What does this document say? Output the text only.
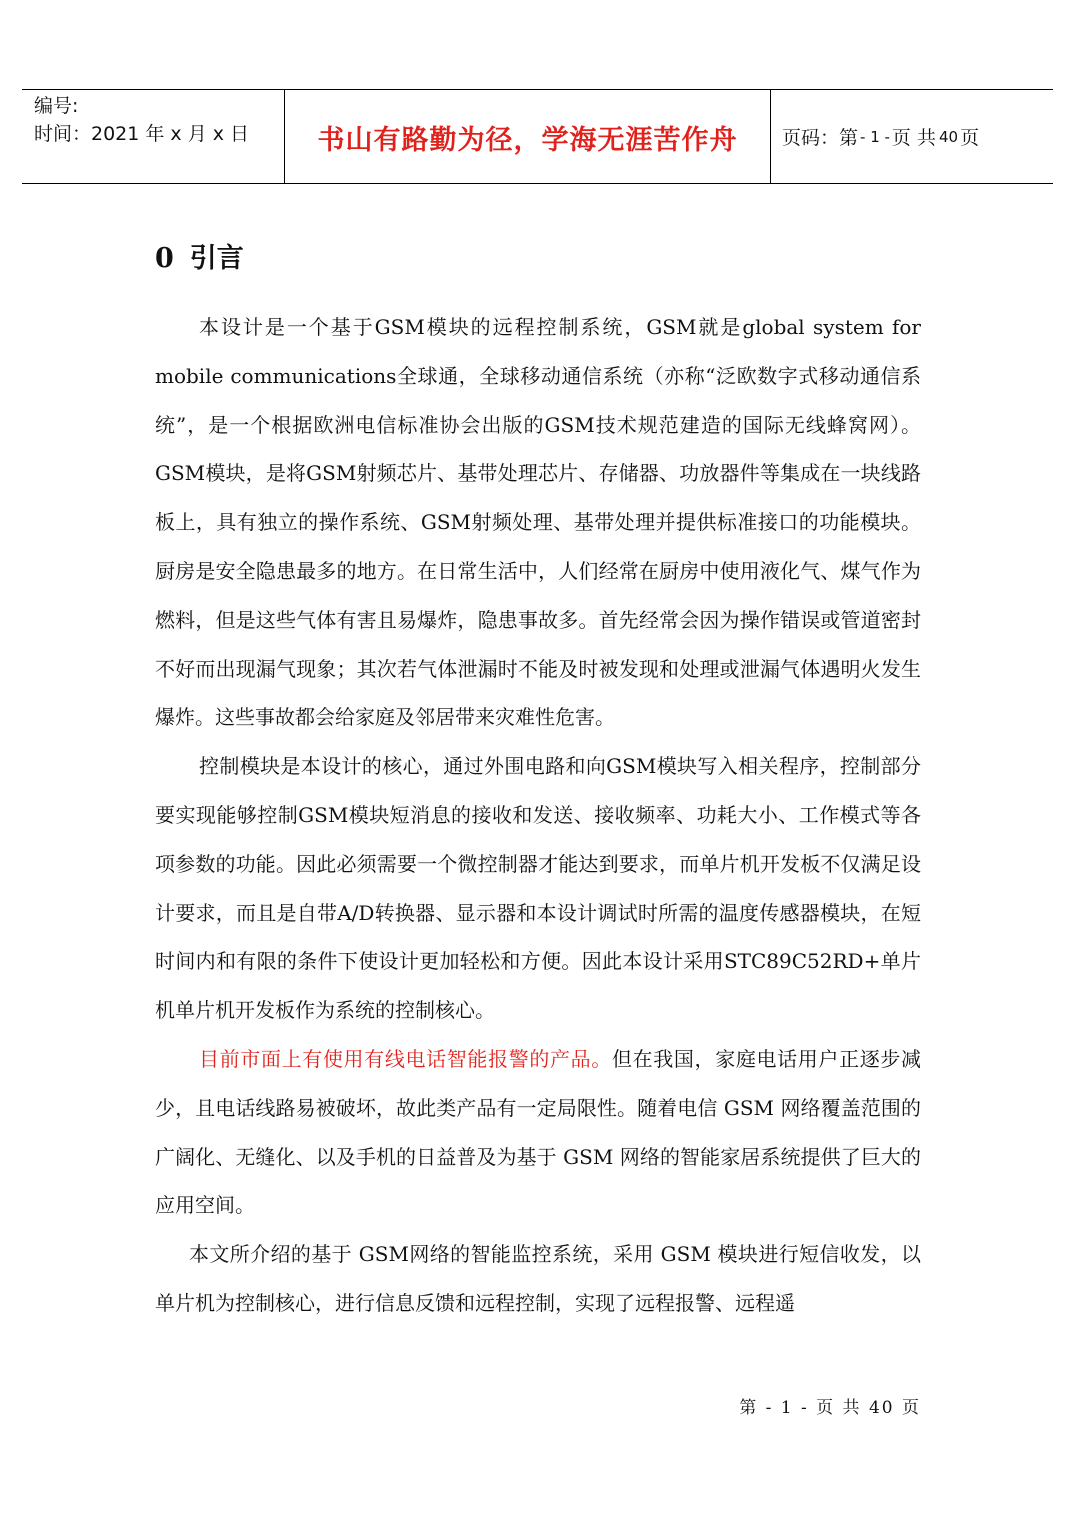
编号:
时间：2021 年 x 月 x 日	书山有路勤为径，学海无涯苦作舟 页码：第 - 1 - 页 共 40 页
0 引言

本设计是一个基于GSM模块的远程控制系统，GSM就是global system for mobile communications全球通，全球移动通信系统（亦称“泛欧数字式移动通信系统”，是一个根据欧洲电信标准协会出版的GSM技术规范建造的国际无线蜂窝网）。GSM模块，是将GSM射频芯片、基带处理芯片、存储器、功放器件等集成在一块线路板上，具有独立的操作系统、GSM射频处理、基带处理并提供标准接口的功能模块。厨房是安全隐患最多的地方。在日常生活中，人们经常在厨房中使用液化气、煤气作为燃料，但是这些气体有害且易爆炸，隐患事故多。首先经常会因为操作错误或管道密封不好而出现漏气现象；其次若气体泄漏时不能及时被发现和处理或泄漏气体遇明火发生爆炸。这些事故都会给家庭及邻居带来灾难性危害。

控制模块是本设计的核心，通过外围电路和向GSM模块写入相关程序，控制部分要实现能够控制GSM模块短消息的接收和发送、接收频率、功耗大小、工作模式等各项参数的功能。因此必须需要一个微控制器才能达到要求，而单片机开发板不仅满足设计要求，而且是自带A/D转换器、显示器和本设计调试时所需的温度传感器模块，在短时间内和有限的条件下使设计更加轻松和方便。因此本设计采用STC89C52RD+单片机单片机开发板作为系统的控制核心。

目前市面上有使用有线电话智能报警的产品。但在我国，家庭电话用户正逐步减少，且电话线路易被破坏，故此类产品有一定局限性。随着电信 GSM 网络覆盖范围的广阔化、无缝化、以及手机的日益普及为基于 GSM 网络的智能家居系统提供了巨大的应用空间。

本文所介绍的基于 GSM网络的智能监控系统，采用 GSM 模块进行短信收发，以单片机为控制核心，进行信息反馈和远程控制，实现了远程报警、远程遥

第 - 1 - 页 共 40 页
